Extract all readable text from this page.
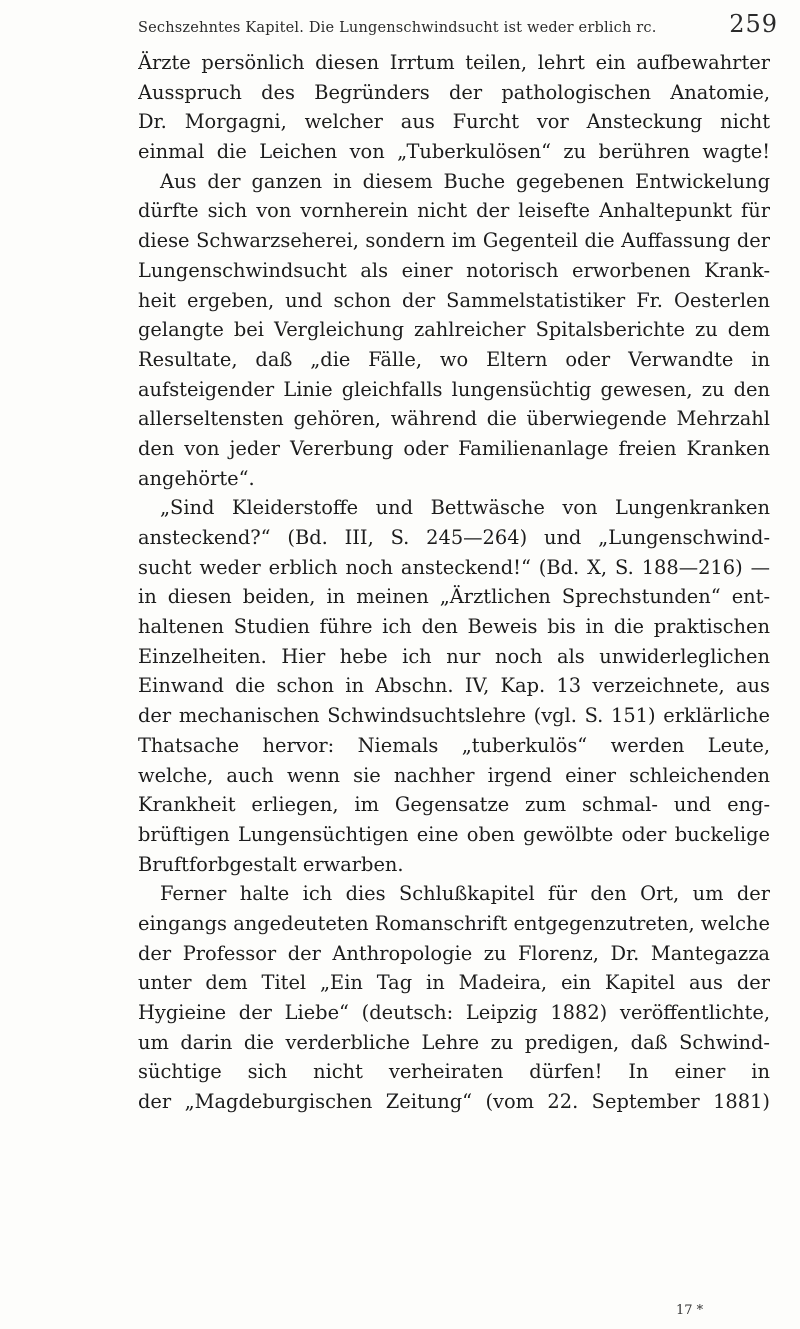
Sechszehntes Kapitel. Die Lungenschwindsucht ist weder erblich rc.	259
Ärzte persönlich diesen Irrtum teilen, lehrt ein aufbewahrter
Ausspruch des Begründers der pathologischen Anatomie,
Dr. Morgagni, welcher aus Furcht vor Ansteckung nicht
einmal die Leichen von „Tuberkulösen“ zu berühren wagte!
Aus der ganzen in diesem Buche gegebenen Entwickelung
dürfte sich von vornherein nicht der leisefte Anhaltepunkt für
diese Schwarzseherei, sondern im Gegenteil die Auffassung der
Lungenschwindsucht als einer notorisch erworbenen Krank-
heit ergeben, und schon der Sammelstatistiker Fr. Oesterlen
gelangte bei Vergleichung zahlreicher Spitalsberichte zu dem
Resultate, daß „die Fälle, wo Eltern oder Verwandte in
aufsteigender Linie gleichfalls lungensüchtig gewesen, zu den
allerseltensten gehören, während die überwiegende Mehrzahl
den von jeder Vererbung oder Familienanlage freien Kranken
angehörte“.
„Sind Kleiderstoffe und Bettwäsche von Lungenkranken
ansteckend?“ (Bd. III, S. 245—264) und „Lungenschwind-
sucht weder erblich noch ansteckend!“ (Bd. X, S. 188—216) —
in diesen beiden, in meinen „Ärztlichen Sprechstunden“ ent-
haltenen Studien führe ich den Beweis bis in die praktischen
Einzelheiten. Hier hebe ich nur noch als unwiderleglichen
Einwand die schon in Abschn. IV, Kap. 13 verzeichnete, aus
der mechanischen Schwindsuchtslehre (vgl. S. 151) erklärliche
Thatsache hervor: Niemals „tuberkulös“ werden Leute,
welche, auch wenn sie nachher irgend einer schleichenden
Krankheit erliegen, im Gegensatze zum schmal- und eng-
brüftigen Lungensüchtigen eine oben gewölbte oder buckelige
Bruftforbgestalt erwarben.
Ferner halte ich dies Schlußkapitel für den Ort, um der
eingangs angedeuteten Romanschrift entgegenzutreten, welche
der Professor der Anthropologie zu Florenz, Dr. Mantegazza
unter dem Titel „Ein Tag in Madeira, ein Kapitel aus der
Hygieine der Liebe“ (deutsch: Leipzig 1882) veröffentlichte,
um darin die verderbliche Lehre zu predigen, daß Schwind-
süchtige sich nicht verheiraten dürfen! In einer in
der „Magdeburgischen Zeitung“ (vom 22. September 1881)
17 *
